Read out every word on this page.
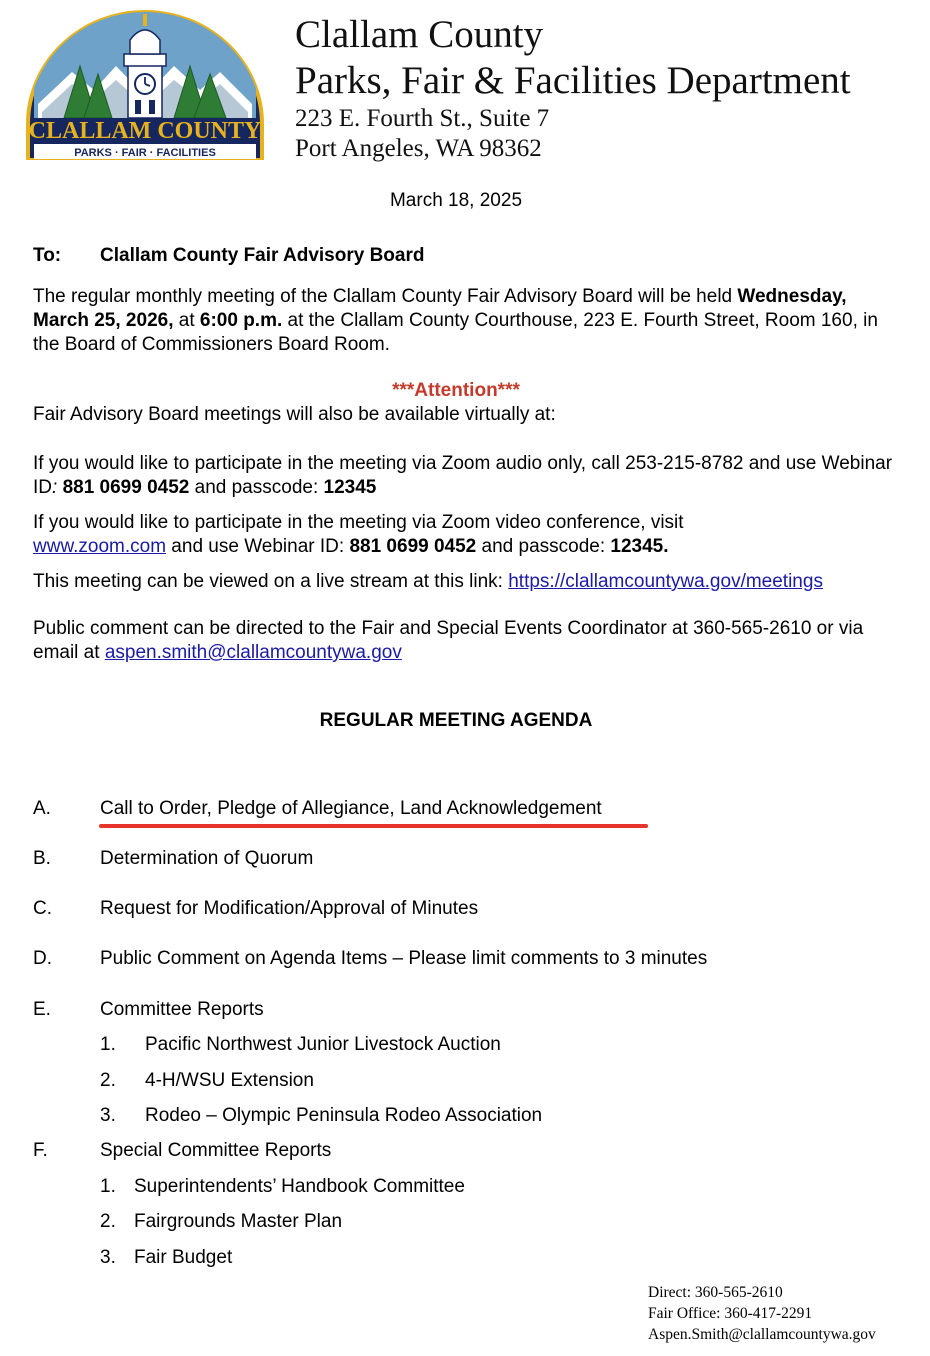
CLALLAM COUNTY
PARKS · FAIR · FACILITIES
Clallam County
Parks, Fair & Facilities Department
223 E. Fourth St., Suite 7
Port Angeles, WA 98362
March 18, 2025
To: Clallam County Fair Advisory Board
The regular monthly meeting of the Clallam County Fair Advisory Board will be held Wednesday, March 25, 2026, at 6:00 p.m. at the Clallam County Courthouse, 223 E. Fourth Street, Room 160, in the Board of Commissioners Board Room.
***Attention***
Fair Advisory Board meetings will also be available virtually at:
If you would like to participate in the meeting via Zoom audio only, call 253-215-8782 and use Webinar ID: 881 0699 0452 and passcode: 12345
If you would like to participate in the meeting via Zoom video conference, visit
www.zoom.com and use Webinar ID: 881 0699 0452 and passcode: 12345.
This meeting can be viewed on a live stream at this link: https://clallamcountywa.gov/meetings
Public comment can be directed to the Fair and Special Events Coordinator at 360-565-2610 or via email at aspen.smith@clallamcountywa.gov
REGULAR MEETING AGENDA
A.	Call to Order, Pledge of Allegiance, Land Acknowledgement
B.	Determination of Quorum
C.	Request for Modification/Approval of Minutes
D.	Public Comment on Agenda Items – Please limit comments to 3 minutes
E.	Committee Reports
1. Pacific Northwest Junior Livestock Auction
2. 4-H/WSU Extension
3. Rodeo – Olympic Peninsula Rodeo Association
F.	Special Committee Reports
1. Superintendents’ Handbook Committee
2. Fairgrounds Master Plan
3. Fair Budget
Direct: 360-565-2610
Fair Office: 360-417-2291
Aspen.Smith@clallamcountywa.gov
